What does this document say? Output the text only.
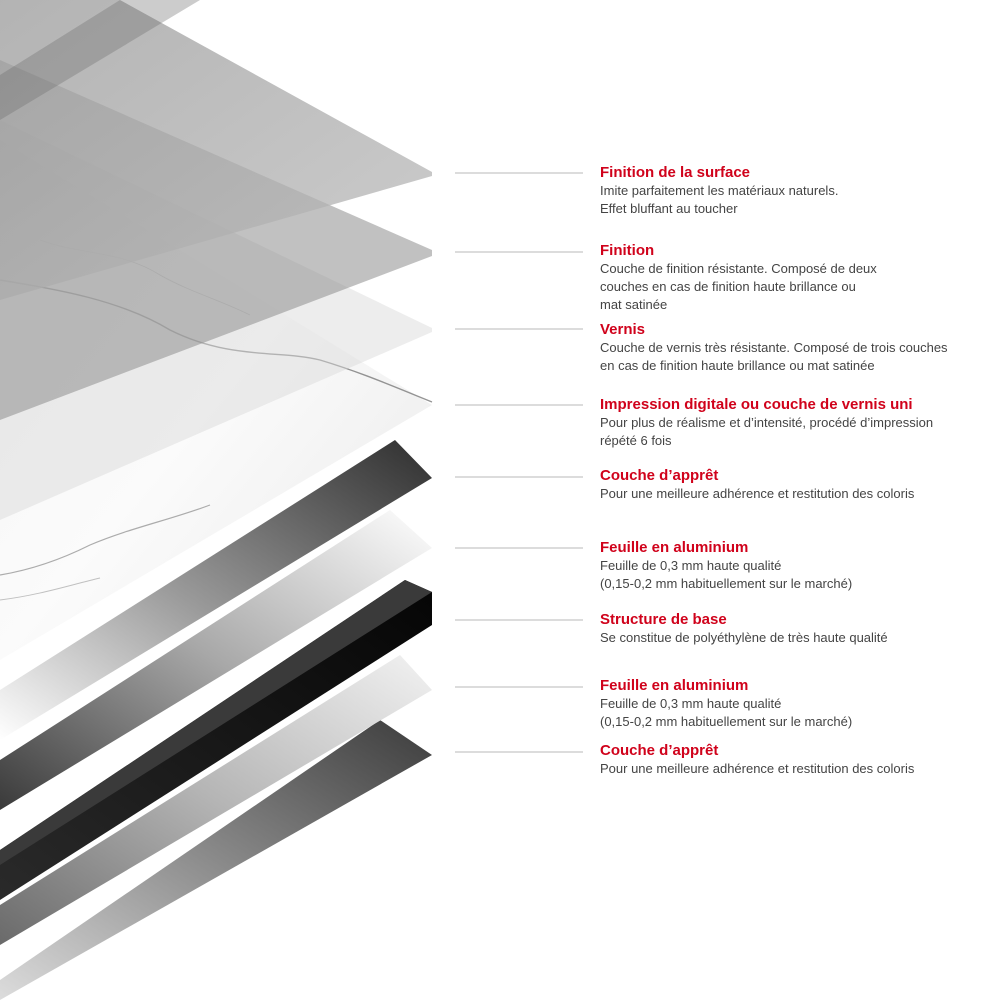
Finition de la surface

Imite parfaitement les matériaux naturels.
Effet bluffant au toucher

Finition

Couche de finition résistante. Composé de deux
couches en cas de finition haute brillance ou
mat satinée

Vernis

Couche de vernis très résistante. Composé de trois couches
en cas de finition haute brillance ou mat satinée

Impression digitale ou couche de vernis uni

Pour plus de réalisme et d’intensité, procédé d’impression
répété 6 fois

Couche d’apprêt

Pour une meilleure adhérence et restitution des coloris

Feuille en aluminium

Feuille de 0,3 mm haute qualité
(0,15-0,2 mm habituellement sur le marché)

Structure de base

Se constitue de polyéthylène de très haute qualité

Feuille en aluminium

Feuille de 0,3 mm haute qualité
(0,15-0,2 mm habituellement sur le marché)

Couche d’apprêt

Pour une meilleure adhérence et restitution des coloris
